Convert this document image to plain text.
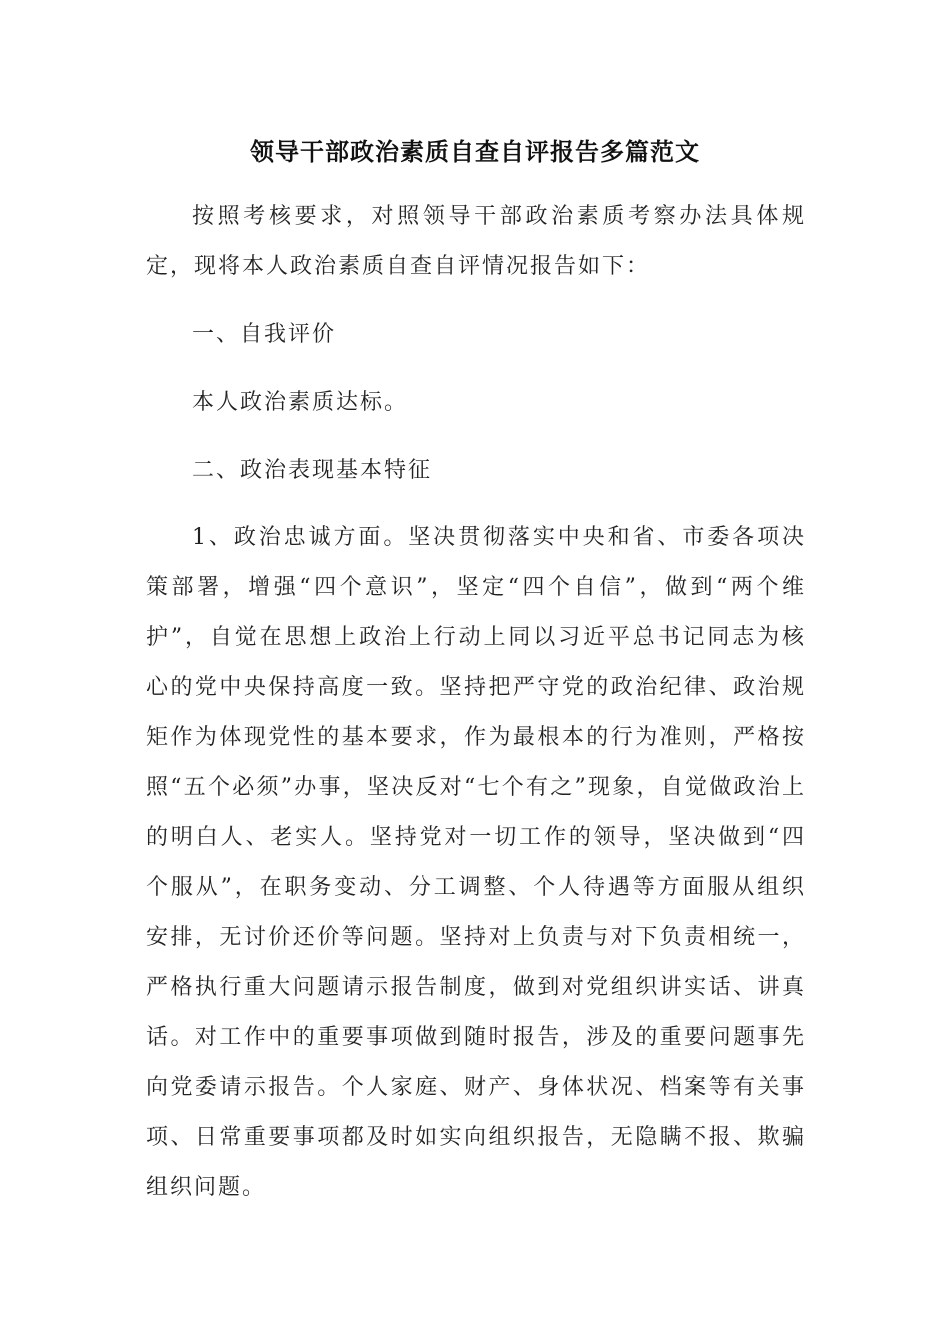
领导干部政治素质自查自评报告多篇范文

按照考核要求，对照领导干部政治素质考察办法具体规定，现将本人政治素质自查自评情况报告如下：

一、自我评价

本人政治素质达标。

二、政治表现基本特征

1、政治忠诚方面。坚决贯彻落实中央和省、市委各项决策部署，增强“四个意识”，坚定“四个自信”，做到“两个维护”，自觉在思想上政治上行动上同以习近平总书记同志为核心的党中央保持高度一致。坚持把严守党的政治纪律、政治规矩作为体现党性的基本要求，作为最根本的行为准则，严格按照“五个必须”办事，坚决反对“七个有之”现象，自觉做政治上的明白人、老实人。坚持党对一切工作的领导，坚决做到“四个服从”，在职务变动、分工调整、个人待遇等方面服从组织安排，无讨价还价等问题。坚持对上负责与对下负责相统一，严格执行重大问题请示报告制度，做到对党组织讲实话、讲真话。对工作中的重要事项做到随时报告，涉及的重要问题事先向党委请示报告。个人家庭、财产、身体状况、档案等有关事项、日常重要事项都及时如实向组织报告，无隐瞒不报、欺骗组织问题。
